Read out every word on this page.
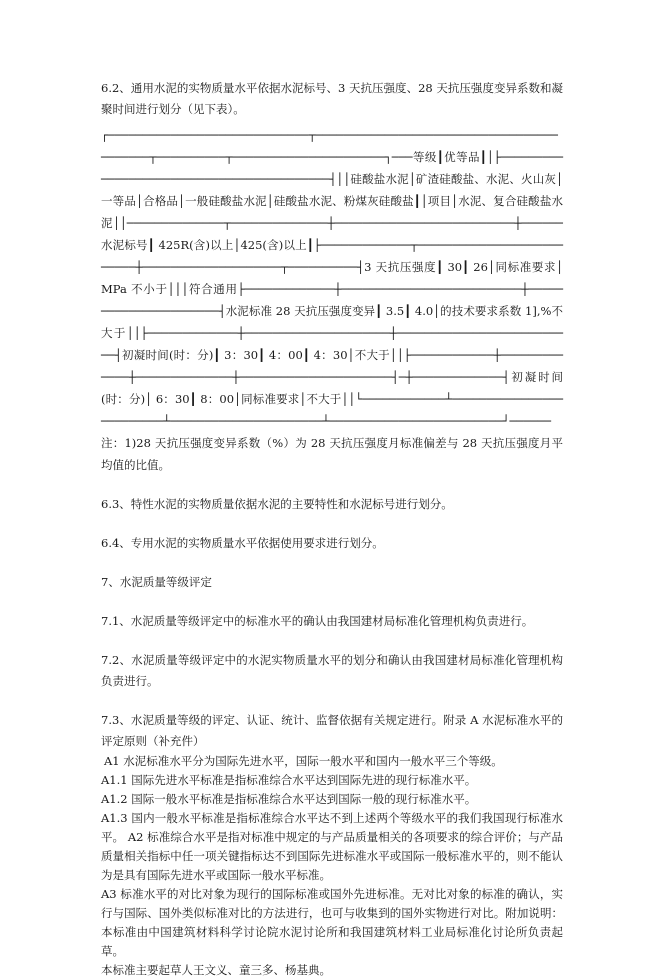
6.2、通用水泥的实物质量水平依据水泥标号、3 天抗压强度、28 天抗压强度变异系数和凝聚时间进行划分（见下表）。

┌─────────────────────────────┬──────────────────────────────────────────┬──────────┬──────────────────────┐───等级┃优等品┃│├──────────────────────────────────────────┤││硅酸盐水泥│矿渣硅酸盐、水泥、火山灰│一等品│合格品│一般硅酸盐水泥│硅酸盐水泥、粉煤灰硅酸盐┃│项目│水泥、复合硅酸盐水泥││──────────────┬──────────────┼──────────────────────────┼──────水泥标号┃ 425R(含)以上│425(含)以上┃├─────────────┬──────────────────────────┼────────────────────┬──────────┤3 天抗压强度┃ 30┃ 26│同标准要求│ MPa 不小于│││符合通用├─────────────┼──────────────────────────┼──────────────────────┤水泥标准 28 天抗压强度变异┃ 3.5┃ 4.0│的技术要求系数 1],%不大于││├─────────────┼─────────────────────┼──────────────────────────┤初凝时间(时：分)┃ 3：30┃ 4：00┃ 4：30│不大于││├────────────┼─────────────┼──────────────┼──────────────────────┤─┼─────────────┤初凝时间(时：分)│ 6：30┃ 8：00│同标准要求│不大于││└────────────┴─────────────────────────┴──────────────────────┴─────────────────────────┘──────注：1)28 天抗压强度变异系数（%）为 28 天抗压强度月标准偏差与 28 天抗压强度月平均值的比值。

6.3、特性水泥的实物质量依据水泥的主要特性和水泥标号进行划分。

6.4、专用水泥的实物质量水平依据使用要求进行划分。

7、水泥质量等级评定

7.1、水泥质量等级评定中的标准水平的确认由我国建材局标准化管理机构负责进行。

7.2、水泥质量等级评定中的水泥实物质量水平的划分和确认由我国建材局标准化管理机构负责进行。

7.3、水泥质量等级的评定、认证、统计、监督依据有关规定进行。附录 A 水泥标准水平的评定原则（补充件）

A1 水泥标准水平分为国际先进水平，国际一般水平和国内一般水平三个等级。

A1.1 国际先进水平标准是指标准综合水平达到国际先进的现行标准水平。

A1.2 国际一般水平标准是指标准综合水平达到国际一般的现行标准水平。

A1.3 国内一般水平标准是指标准综合水平达不到上述两个等级水平的我们我国现行标准水平。 A2 标准综合水平是指对标准中规定的与产品质量相关的各项要求的综合评价；与产品质量相关指标中任一项关键指标达不到国际先进标准水平或国际一般标准水平的，则不能认为是具有国际先进水平或国际一般水平标准。

A3 标准水平的对比对象为现行的国际标准或国外先进标准。无对比对象的标准的确认，实行与国际、国外类似标准对比的方法进行，也可与收集到的国外实物进行对比。附加说明：本标准由中国建筑材料科学讨论院水泥讨论所和我国建筑材料工业局标准化讨论所负责起草。

本标准主要起草人王文义、童三多、杨基典。
